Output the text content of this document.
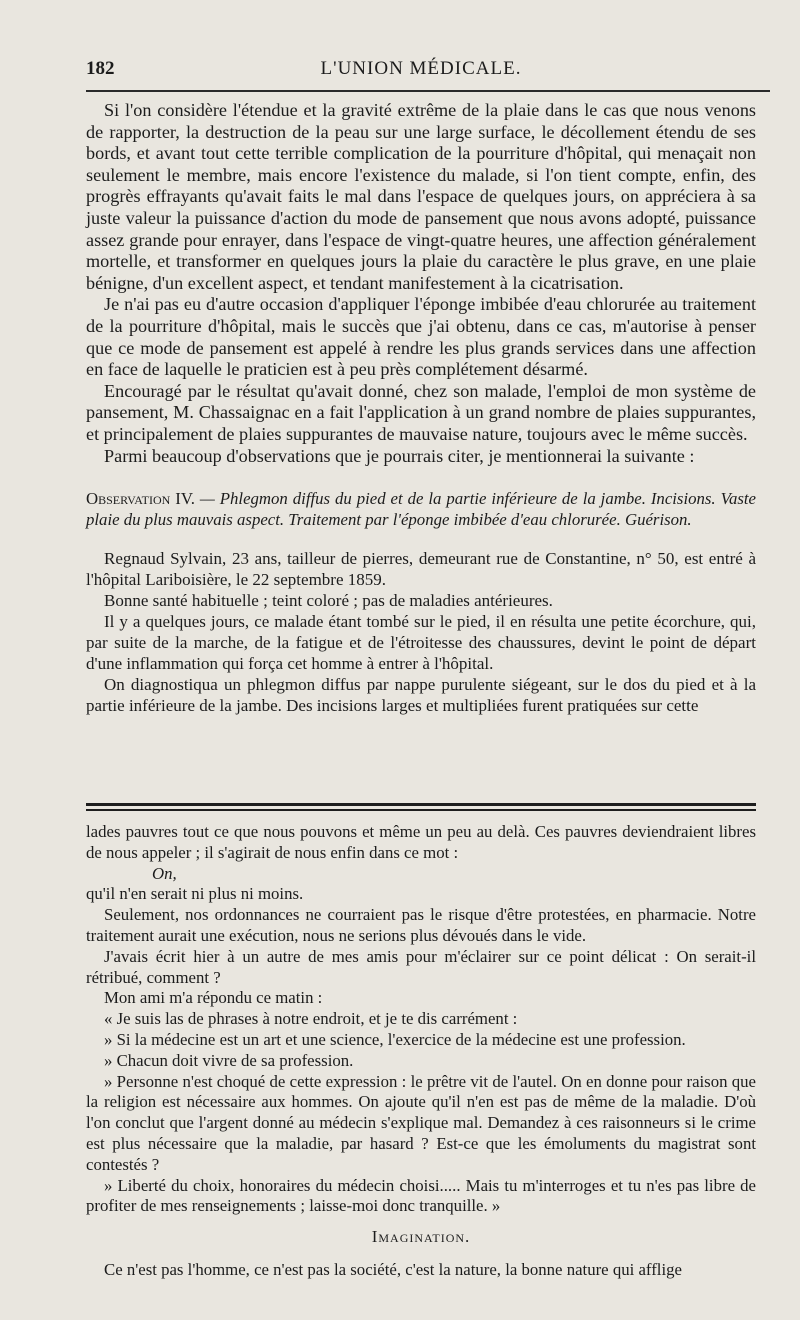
182	L'UNION MÉDICALE.

Si l'on considère l'étendue et la gravité extrême de la plaie dans le cas que nous venons de rapporter, la destruction de la peau sur une large surface, le décollement étendu de ses bords, et avant tout cette terrible complication de la pourriture d'hôpital, qui menaçait non seulement le membre, mais encore l'existence du malade, si l'on tient compte, enfin, des progrès effrayants qu'avait faits le mal dans l'espace de quelques jours, on appréciera à sa juste valeur la puissance d'action du mode de pansement que nous avons adopté, puissance assez grande pour enrayer, dans l'espace de vingt-quatre heures, une affection généralement mortelle, et transformer en quelques jours la plaie du caractère le plus grave, en une plaie bénigne, d'un excellent aspect, et tendant manifestement à la cicatrisation.

Je n'ai pas eu d'autre occasion d'appliquer l'éponge imbibée d'eau chlorurée au traitement de la pourriture d'hôpital, mais le succès que j'ai obtenu, dans ce cas, m'autorise à penser que ce mode de pansement est appelé à rendre les plus grands services dans une affection en face de laquelle le praticien est à peu près complétement désarmé.

Encouragé par le résultat qu'avait donné, chez son malade, l'emploi de mon système de pansement, M. Chassaignac en a fait l'application à un grand nombre de plaies suppurantes, et principalement de plaies suppurantes de mauvaise nature, toujours avec le même succès.

Parmi beaucoup d'observations que je pourrais citer, je mentionnerai la suivante :

Observation IV. — Phlegmon diffus du pied et de la partie inférieure de la jambe. Incisions. Vaste plaie du plus mauvais aspect. Traitement par l'éponge imbibée d'eau chlorurée. Guérison.

Regnaud Sylvain, 23 ans, tailleur de pierres, demeurant rue de Constantine, n° 50, est entré à l'hôpital Lariboisière, le 22 septembre 1859.

Bonne santé habituelle ; teint coloré ; pas de maladies antérieures.

Il y a quelques jours, ce malade étant tombé sur le pied, il en résulta une petite écorchure, qui, par suite de la marche, de la fatigue et de l'étroitesse des chaussures, devint le point de départ d'une inflammation qui força cet homme à entrer à l'hôpital.

On diagnostiqua un phlegmon diffus par nappe purulente siégeant, sur le dos du pied et à la partie inférieure de la jambe. Des incisions larges et multipliées furent pratiquées sur cette

lades pauvres tout ce que nous pouvons et même un peu au delà. Ces pauvres deviendraient libres de nous appeler ; il s'agirait de nous enfin dans ce mot :

On,

qu'il n'en serait ni plus ni moins.

Seulement, nos ordonnances ne courraient pas le risque d'être protestées, en pharmacie. Notre traitement aurait une exécution, nous ne serions plus dévoués dans le vide.

J'avais écrit hier à un autre de mes amis pour m'éclairer sur ce point délicat : On serait-il rétribué, comment ?

Mon ami m'a répondu ce matin :

« Je suis las de phrases à notre endroit, et je te dis carrément :

» Si la médecine est un art et une science, l'exercice de la médecine est une profession.

» Chacun doit vivre de sa profession.

» Personne n'est choqué de cette expression : le prêtre vit de l'autel. On en donne pour raison que la religion est nécessaire aux hommes. On ajoute qu'il n'en est pas de même de la maladie. D'où l'on conclut que l'argent donné au médecin s'explique mal. Demandez à ces raisonneurs si le crime est plus nécessaire que la maladie, par hasard ? Est-ce que les émoluments du magistrat sont contestés ?

» Liberté du choix, honoraires du médecin choisi..... Mais tu m'interroges et tu n'es pas libre de profiter de mes renseignements ; laisse-moi donc tranquille. »

Imagination.

Ce n'est pas l'homme, ce n'est pas la société, c'est la nature, la bonne nature qui afflige
